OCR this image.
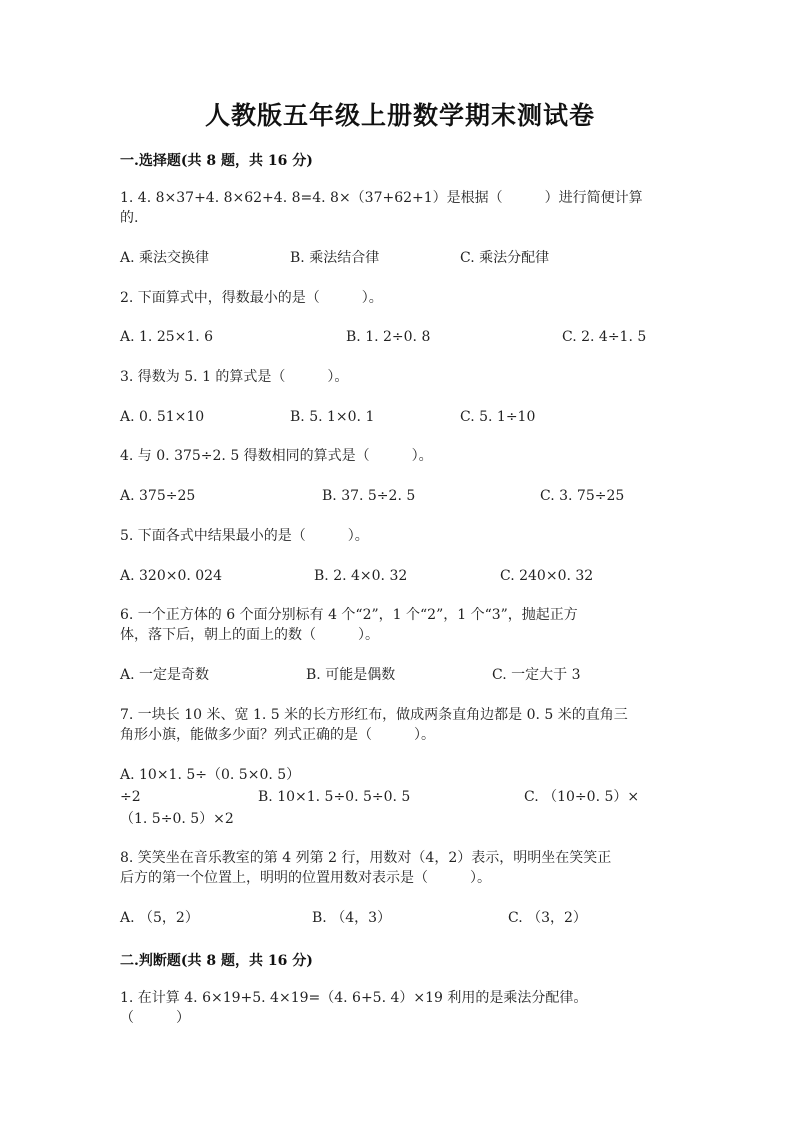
人教版五年级上册数学期末测试卷
一.选择题(共 8 题，共 16 分)
1. 4. 8×37+4. 8×62+4. 8=4. 8×（37+62+1）是根据（　　　）进行简便计算
的.
A. 乘法交换律	B. 乘法结合律	C. 乘法分配律
2. 下面算式中，得数最小的是（　　　）。
A. 1. 25×1. 6	B. 1. 2÷0. 8	C. 2. 4÷1. 5
3. 得数为 5. 1 的算式是（　　　）。
A. 0. 51×10	B. 5. 1×0. 1	C. 5. 1÷10
4. 与 0. 375÷2. 5 得数相同的算式是（　　　）。
A. 375÷25	B. 37. 5÷2. 5	C. 3. 75÷25
5. 下面各式中结果最小的是（　　　）。
A. 320×0. 024	B. 2. 4×0. 32	C. 240×0. 32
6. 一个正方体的 6 个面分别标有 4 个“2”，1 个“2”，1 个“3”，抛起正方
体，落下后，朝上的面上的数（　　　）。
A. 一定是奇数	B. 可能是偶数	C. 一定大于 3
7. 一块长 10 米、宽 1. 5 米的长方形红布，做成两条直角边都是 0. 5 米的直角三
角形小旗，能做多少面？列式正确的是（　　　）。
A. 10×1. 5÷（0. 5×0. 5）
÷2	B. 10×1. 5÷0. 5÷0. 5	C. （10÷0. 5）×
（1. 5÷0. 5）×2
8. 笑笑坐在音乐教室的第 4 列第 2 行，用数对（4，2）表示，明明坐在笑笑正
后方的第一个位置上，明明的位置用数对表示是（　　　）。
A. （5，2）	B. （4，3）	C. （3，2）
二.判断题(共 8 题，共 16 分)
1. 在计算 4. 6×19+5. 4×19=（4. 6+5. 4）×19 利用的是乘法分配律。
（　　　）
